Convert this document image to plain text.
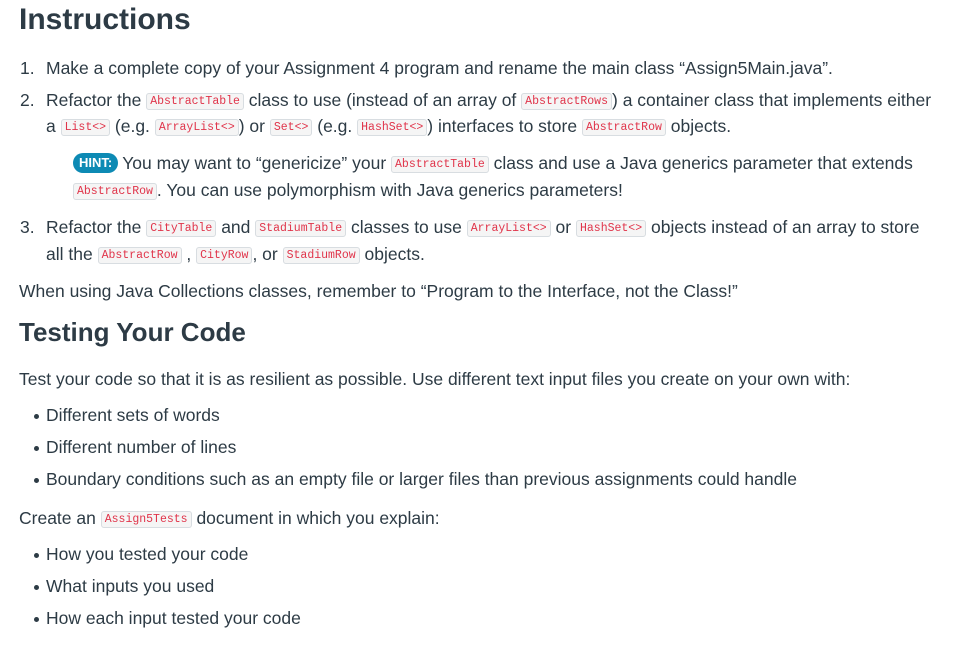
Instructions

1. Make a complete copy of your Assignment 4 program and rename the main class “Assign5Main.java”.

2. Refactor the AbstractTable class to use (instead of an array of AbstractRows ) a container class that implements either

a List<> (e.g. ArrayList<> ) or Set<> (e.g. HashSet<> ) interfaces to store AbstractRow objects.

HINT: You may want to “genericize” your AbstractTable class and use a Java generics parameter that extends

AbstractRow . You can use polymorphism with Java generics parameters!

3. Refactor the CityTable and StadiumTable classes to use ArrayList<> or HashSet<> objects instead of an array to store

all the AbstractRow , CityRow , or StadiumRow objects.

When using Java Collections classes, remember to “Program to the Interface, not the Class!”

Testing Your Code

Test your code so that it is as resilient as possible. Use different text input files you create on your own with:

Different sets of words

Different number of lines

Boundary conditions such as an empty file or larger files than previous assignments could handle

Create an Assign5Tests document in which you explain:

How you tested your code

What inputs you used

How each input tested your code
